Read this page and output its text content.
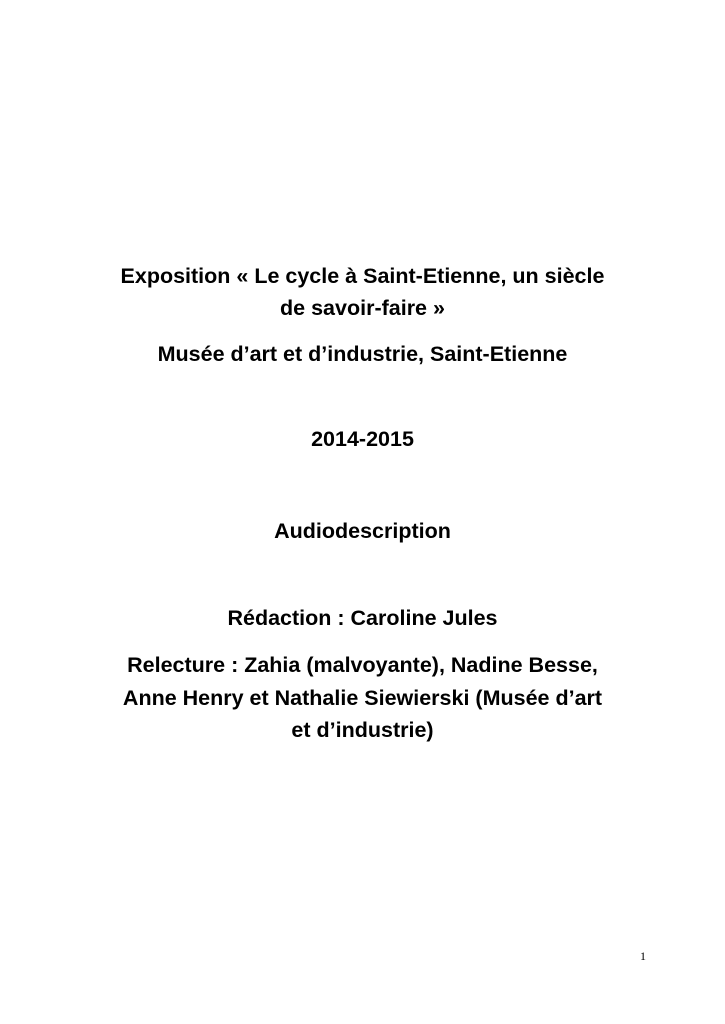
Exposition « Le cycle à Saint-Etienne, un siècle
de savoir-faire »
Musée d’art et d’industrie, Saint-Etienne
2014-2015
Audiodescription
Rédaction : Caroline Jules
Relecture : Zahia (malvoyante), Nadine Besse,
Anne Henry et Nathalie Siewierski (Musée d’art
et d’industrie)
1
